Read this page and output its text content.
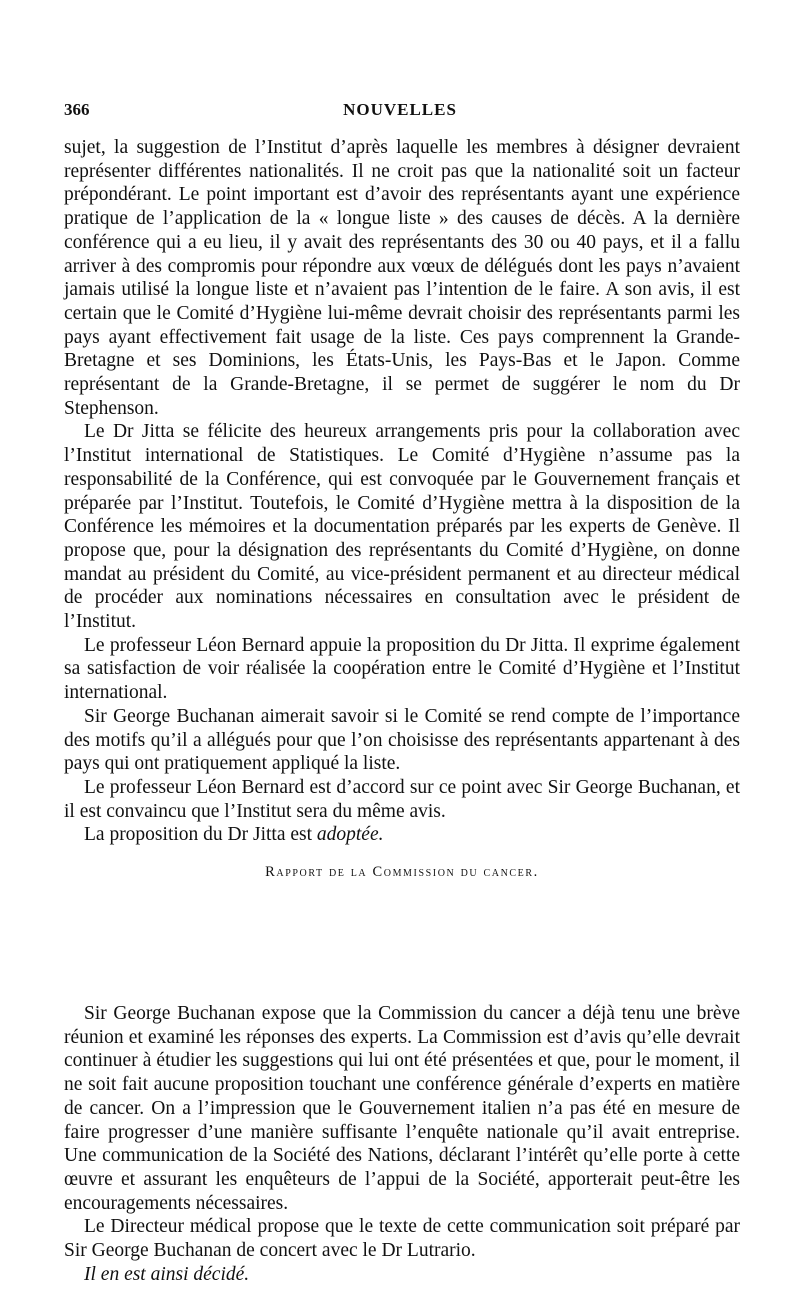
366	NOUVELLES

sujet, la suggestion de l’Institut d’après laquelle les membres à désigner devraient représenter différentes nationalités. Il ne croit pas que la nationalité soit un facteur prépondérant. Le point important est d’avoir des représentants ayant une expérience pratique de l’application de la « longue liste » des causes de décès. A la dernière conférence qui a eu lieu, il y avait des représentants des 30 ou 40 pays, et il a fallu arriver à des compromis pour répondre aux vœux de délégués dont les pays n’avaient jamais utilisé la longue liste et n’avaient pas l’intention de le faire. A son avis, il est certain que le Comité d’Hygiène lui-même devrait choisir des représentants parmi les pays ayant effectivement fait usage de la liste. Ces pays comprennent la Grande-Bretagne et ses Dominions, les États-Unis, les Pays-Bas et le Japon. Comme représentant de la Grande-Bretagne, il se permet de suggérer le nom du Dr Stephenson.

Le Dr Jitta se félicite des heureux arrangements pris pour la collaboration avec l’Institut international de Statistiques. Le Comité d’Hygiène n’assume pas la responsabilité de la Conférence, qui est convoquée par le Gouvernement français et préparée par l’Institut. Toutefois, le Comité d’Hygiène mettra à la disposition de la Conférence les mémoires et la documentation préparés par les experts de Genève. Il propose que, pour la désignation des représentants du Comité d’Hygiène, on donne mandat au président du Comité, au vice-président permanent et au directeur médical de procéder aux nominations nécessaires en consultation avec le président de l’Institut.

Le professeur Léon Bernard appuie la proposition du Dr Jitta. Il exprime également sa satisfaction de voir réalisée la coopération entre le Comité d’Hygiène et l’Institut international.

Sir George Buchanan aimerait savoir si le Comité se rend compte de l’importance des motifs qu’il a allégués pour que l’on choisisse des représentants appartenant à des pays qui ont pratiquement appliqué la liste.

Le professeur Léon Bernard est d’accord sur ce point avec Sir George Buchanan, et il est convaincu que l’Institut sera du même avis.

La proposition du Dr Jitta est adoptée.

Rapport de la Commission du cancer.

Sir George Buchanan expose que la Commission du cancer a déjà tenu une brève réunion et examiné les réponses des experts. La Commission est d’avis qu’elle devrait continuer à étudier les suggestions qui lui ont été présentées et que, pour le moment, il ne soit fait aucune proposition touchant une conférence générale d’experts en matière de cancer. On a l’impression que le Gouvernement italien n’a pas été en mesure de faire progresser d’une manière suffisante l’enquête nationale qu’il avait entreprise. Une communication de la Société des Nations, déclarant l’intérêt qu’elle porte à cette œuvre et assurant les enquêteurs de l’appui de la Société, apporterait peut-être les encouragements nécessaires.

Le Directeur médical propose que le texte de cette communication soit préparé par Sir George Buchanan de concert avec le Dr Lutrario.

Il en est ainsi décidé.
